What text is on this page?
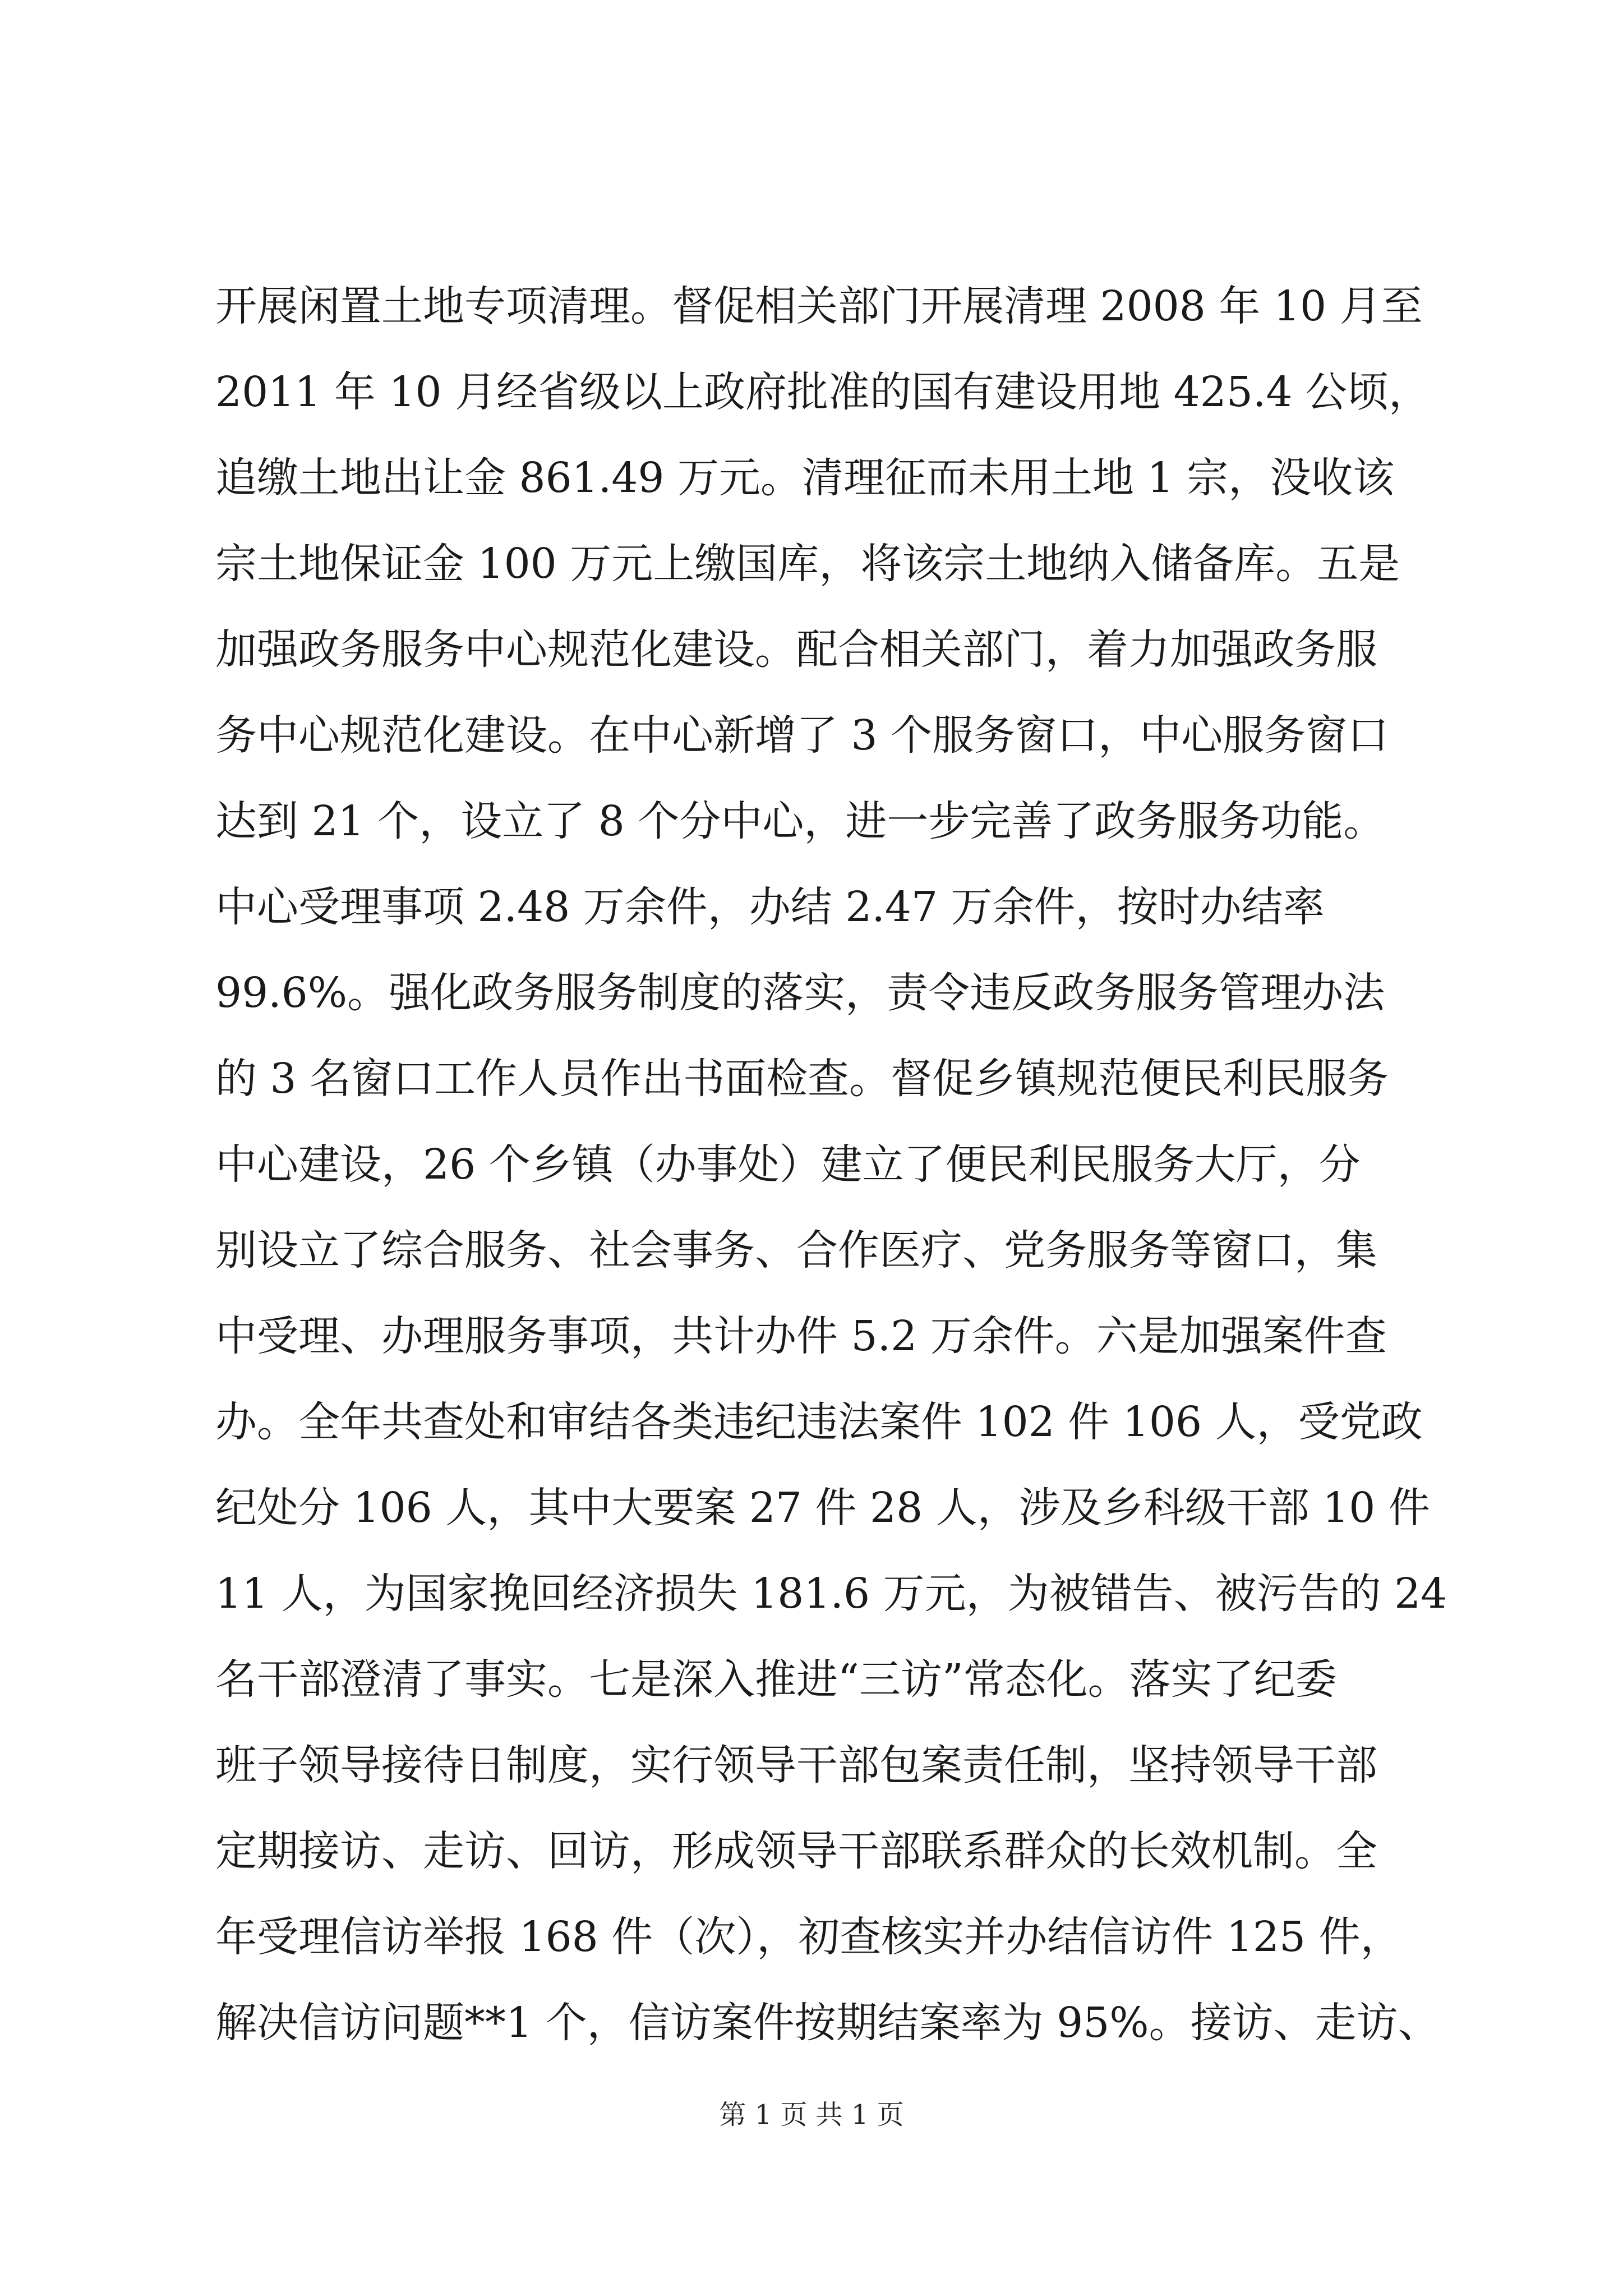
开展闲置土地专项清理。督促相关部门开展清理 2008 年 10 月至
2011 年 10 月经省级以上政府批准的国有建设用地 425.4 公顷，
追缴土地出让金 861.49 万元。清理征而未用土地 1 宗，没收该
宗土地保证金 100 万元上缴国库，将该宗土地纳入储备库。五是
加强政务服务中心规范化建设。配合相关部门，着力加强政务服
务中心规范化建设。在中心新增了 3 个服务窗口，中心服务窗口
达到 21 个，设立了 8 个分中心，进一步完善了政务服务功能。
中心受理事项 2.48 万余件，办结 2.47 万余件，按时办结率
99.6%。强化政务服务制度的落实，责令违反政务服务管理办法
的 3 名窗口工作人员作出书面检查。督促乡镇规范便民利民服务
中心建设，26 个乡镇（办事处）建立了便民利民服务大厅，分
别设立了综合服务、社会事务、合作医疗、党务服务等窗口，集
中受理、办理服务事项，共计办件 5.2 万余件。六是加强案件查
办。全年共查处和审结各类违纪违法案件 102 件 106 人，受党政
纪处分 106 人，其中大要案 27 件 28 人，涉及乡科级干部 10 件
11 人，为国家挽回经济损失 181.6 万元，为被错告、被污告的 24
名干部澄清了事实。七是深入推进“三访”常态化。落实了纪委
班子领导接待日制度，实行领导干部包案责任制，坚持领导干部
定期接访、走访、回访，形成领导干部联系群众的长效机制。全
年受理信访举报 168 件（次），初查核实并办结信访件 125 件，
解决信访问题**1 个，信访案件按期结案率为 95%。接访、走访、
第 1 页 共 1 页
